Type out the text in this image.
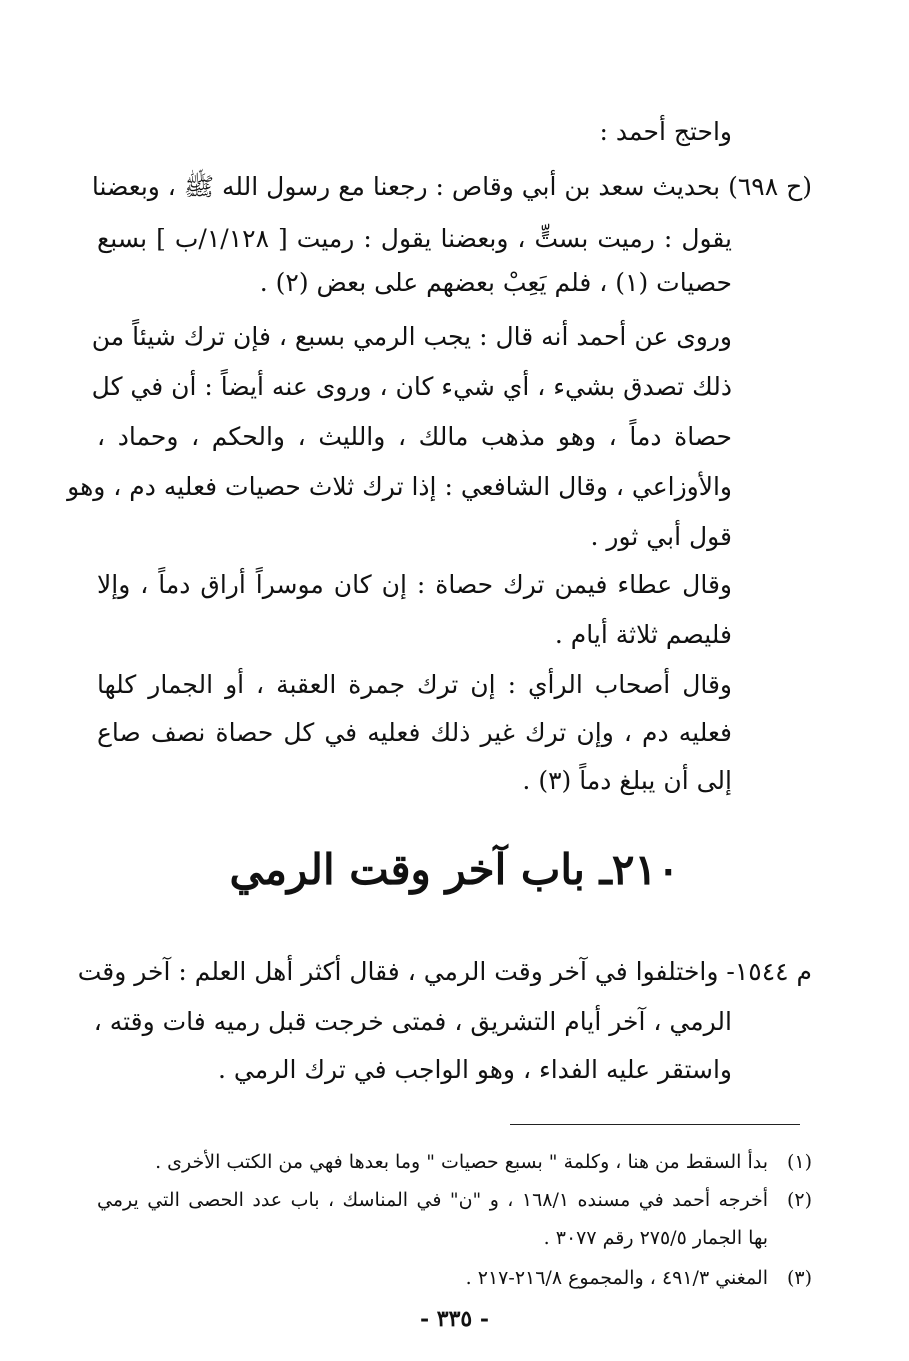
واحتج أحمد :
(ح ٦٩٨) بحديث سعد بن أبي وقاص : رجعنا مع رسول الله ﷺ ، وبعضنا
يقول : رميت بستٍّ ، وبعضنا يقول : رميت [ ١/١٢٨/ب ] بسبع
حصيات (١) ، فلم يَعِبْ بعضهم على بعض (٢) .
وروى عن أحمد أنه قال : يجب الرمي بسبع ، فإن ترك شيئاً من
ذلك تصدق بشيء ، أي شيء كان ، وروى عنه أيضاً : أن في كل
حصاة دماً ، وهو مذهب مالك ، والليث ، والحكم ، وحماد ،
والأوزاعي ، وقال الشافعي : إذا ترك ثلاث حصيات فعليه دم ، وهو
قول أبي ثور .
وقال عطاء فيمن ترك حصاة : إن كان موسراً أراق دماً ، وإلا
فليصم ثلاثة أيام .
وقال أصحاب الرأي : إن ترك جمرة العقبة ، أو الجمار كلها
فعليه دم ، وإن ترك غير ذلك فعليه في كل حصاة نصف صاع
إلى أن يبلغ دماً (٣) .
٢١٠ـ باب آخر وقت الرمي
م ١٥٤٤- واختلفوا في آخر وقت الرمي ، فقال أكثر أهل العلم : آخر وقت
الرمي ، آخر أيام التشريق ، فمتى خرجت قبل رميه فات وقته ،
واستقر عليه الفداء ، وهو الواجب في ترك الرمي .
(١)بدأ السقط من هنا ، وكلمة " بسبع حصيات " وما بعدها فهي من الكتب الأخرى .
(٢)أخرجه أحمد في مسنده ١٦٨/١ ، و "ن" في المناسك ، باب عدد الحصى التي يرمي
بها الجمار ٢٧٥/٥ رقم ٣٠٧٧ .
(٣)المغني ٤٩١/٣ ، والمجموع ٢١٦/٨-٢١٧ .
- ٣٣٥ -
